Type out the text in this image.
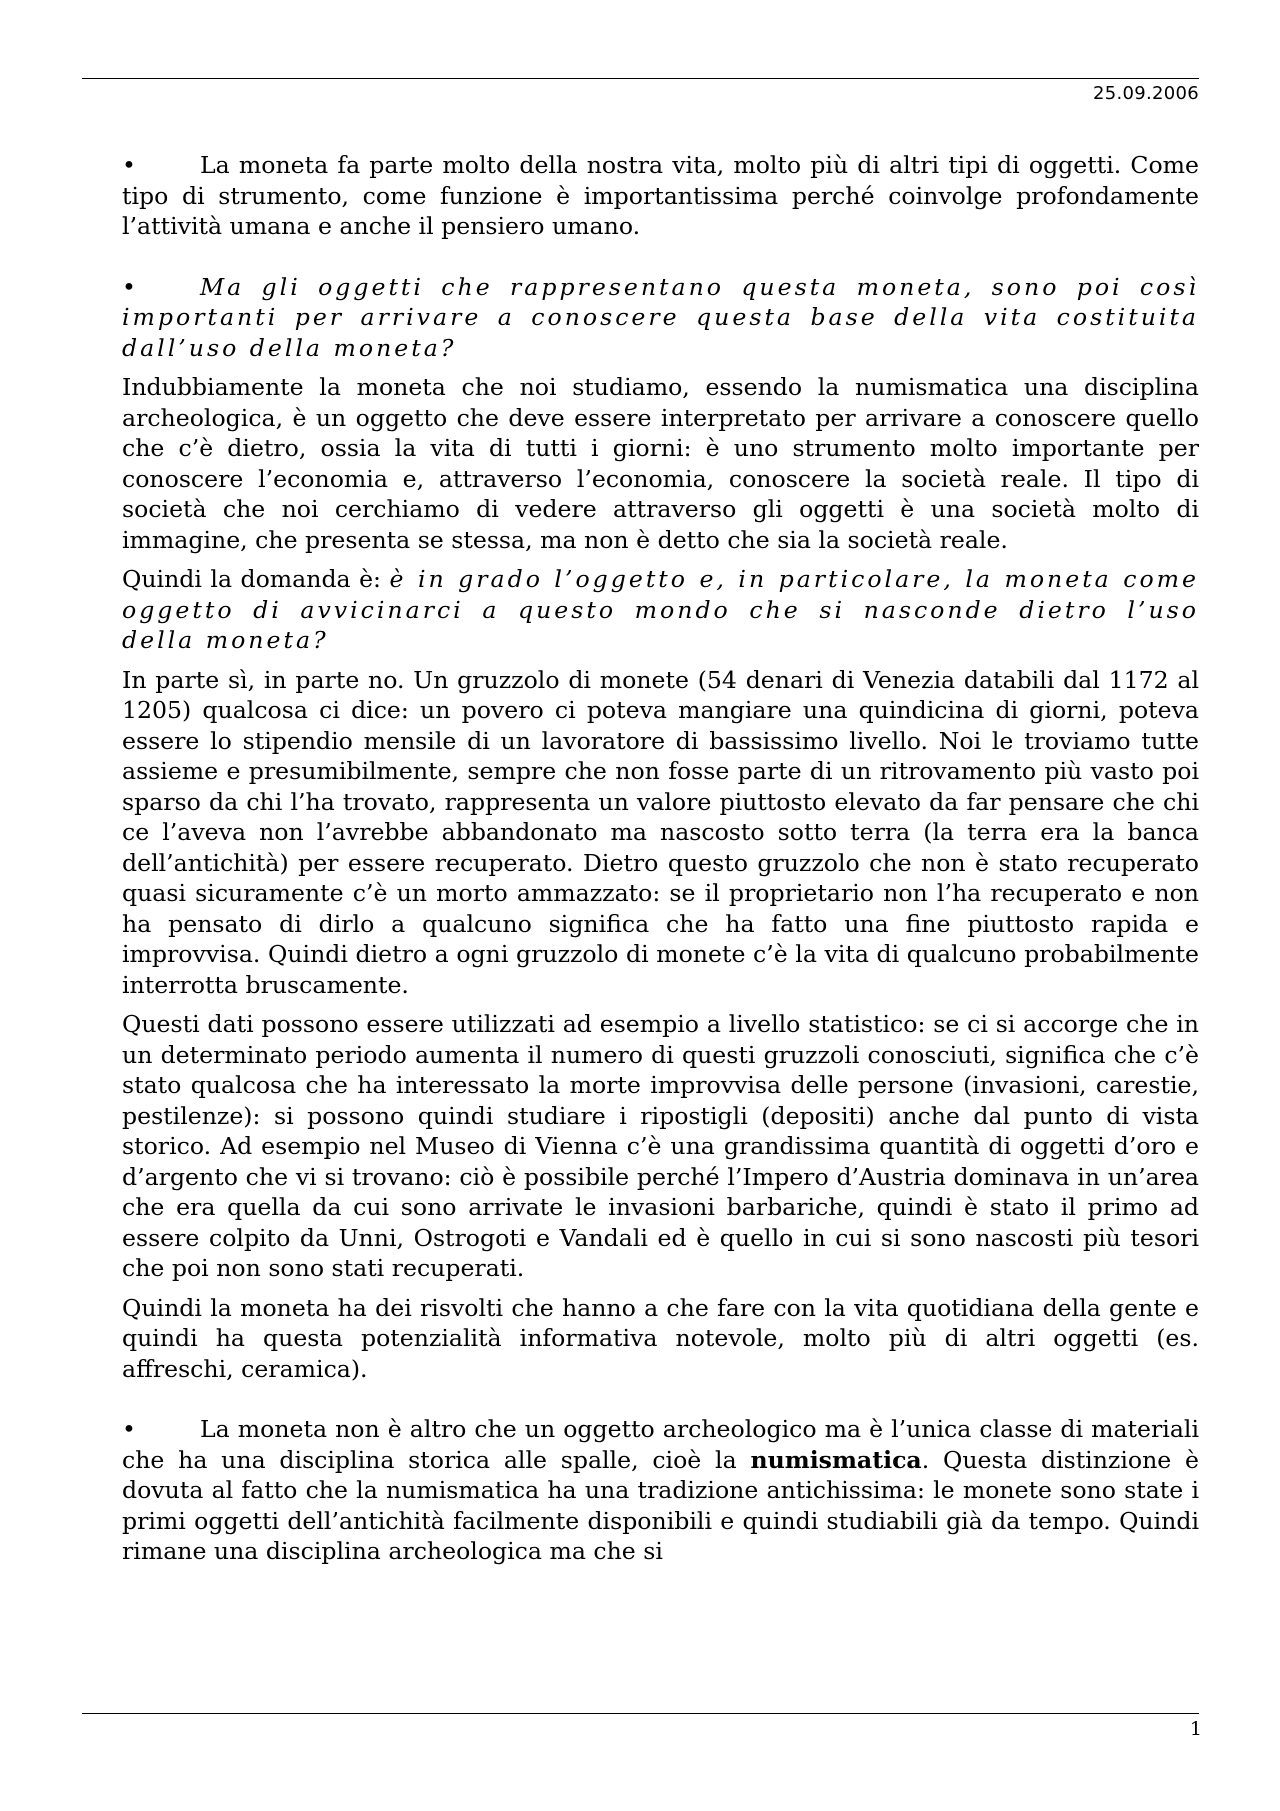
25.09.2006

•	La moneta fa parte molto della nostra vita, molto più di altri tipi di oggetti. Come tipo di strumento, come funzione è importantissima perché coinvolge profondamente l’attività umana e anche il pensiero umano.

•	Ma gli oggetti che rappresentano questa moneta, sono poi così importanti per arrivare a conoscere questa base della vita costituita dall’uso della moneta?

Indubbiamente la moneta che noi studiamo, essendo la numismatica una disciplina archeologica, è un oggetto che deve essere interpretato per arrivare a conoscere quello che c’è dietro, ossia la vita di tutti i giorni: è uno strumento molto importante per conoscere l’economia e, attraverso l’economia, conoscere la società reale. Il tipo di società che noi cerchiamo di vedere attraverso gli oggetti è una società molto di immagine, che presenta se stessa, ma non è detto che sia la società reale.

Quindi la domanda è: è in grado l’oggetto e, in particolare, la moneta come oggetto di avvicinarci a questo mondo che si nasconde dietro l’uso della moneta?

In parte sì, in parte no. Un gruzzolo di monete (54 denari di Venezia databili dal 1172 al 1205) qualcosa ci dice: un povero ci poteva mangiare una quindicina di giorni, poteva essere lo stipendio mensile di un lavoratore di bassissimo livello. Noi le troviamo tutte assieme e presumibilmente, sempre che non fosse parte di un ritrovamento più vasto poi sparso da chi l’ha trovato, rappresenta un valore piuttosto elevato da far pensare che chi ce l’aveva non l’avrebbe abbandonato ma nascosto sotto terra (la terra era la banca dell’antichità) per essere recuperato. Dietro questo gruzzolo che non è stato recuperato quasi sicuramente c’è un morto ammazzato: se il proprietario non l’ha recuperato e non ha pensato di dirlo a qualcuno significa che ha fatto una fine piuttosto rapida e improvvisa. Quindi dietro a ogni gruzzolo di monete c’è la vita di qualcuno probabilmente interrotta bruscamente.

Questi dati possono essere utilizzati ad esempio a livello statistico: se ci si accorge che in un determinato periodo aumenta il numero di questi gruzzoli conosciuti, significa che c’è stato qualcosa che ha interessato la morte improvvisa delle persone (invasioni, carestie, pestilenze): si possono quindi studiare i ripostigli (depositi) anche dal punto di vista storico. Ad esempio nel Museo di Vienna c’è una grandissima quantità di oggetti d’oro e d’argento che vi si trovano: ciò è possibile perché l’Impero d’Austria dominava in un’area che era quella da cui sono arrivate le invasioni barbariche, quindi è stato il primo ad essere colpito da Unni, Ostrogoti e Vandali ed è quello in cui si sono nascosti più tesori che poi non sono stati recuperati.

Quindi la moneta ha dei risvolti che hanno a che fare con la vita quotidiana della gente e quindi ha questa potenzialità informativa notevole, molto più di altri oggetti (es. affreschi, ceramica).

•	La moneta non è altro che un oggetto archeologico ma è l’unica classe di materiali che ha una disciplina storica alle spalle, cioè la numismatica. Questa distinzione è dovuta al fatto che la numismatica ha una tradizione antichissima: le monete sono state i primi oggetti dell’antichità facilmente disponibili e quindi studiabili già da tempo. Quindi rimane una disciplina archeologica ma che si

1
